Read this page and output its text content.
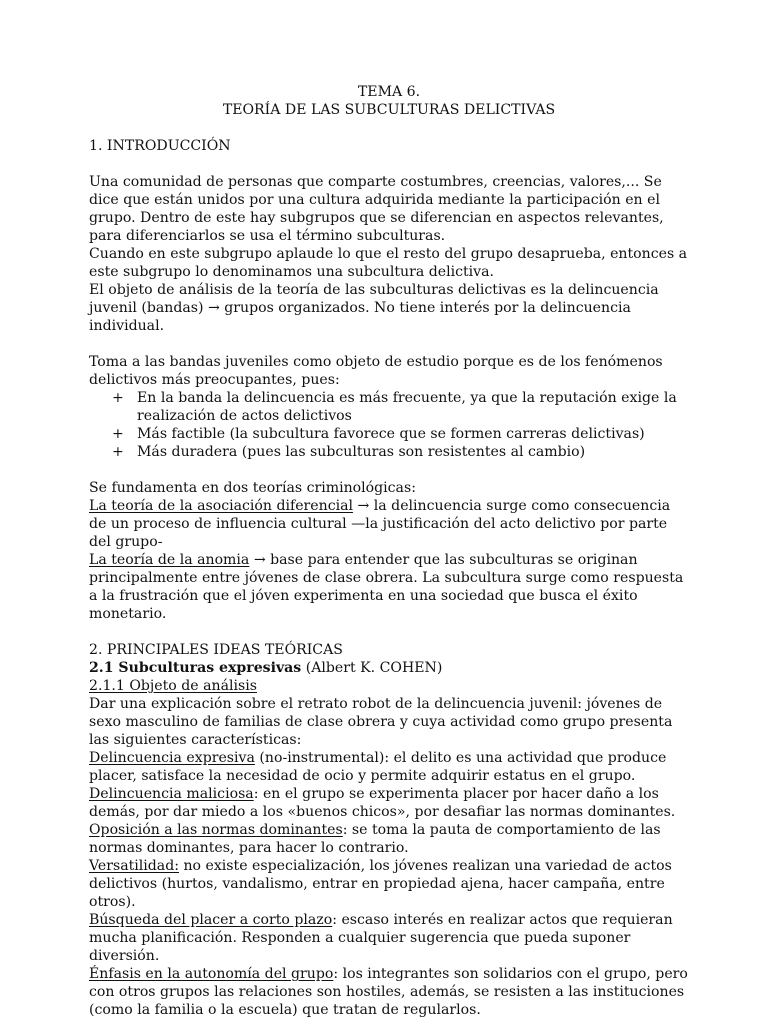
TEMA 6.

TEORÍA DE LAS SUBCULTURAS DELICTIVAS

1. INTRODUCCIÓN

Una comunidad de personas que comparte costumbres, creencias, valores,... Se dice que están unidos por una cultura adquirida mediante la participación en el grupo. Dentro de este hay subgrupos que se diferencian en aspectos relevantes, para diferenciarlos se usa el término subculturas.

Cuando en este subgrupo aplaude lo que el resto del grupo desaprueba, entonces a este subgrupo lo denominamos una subcultura delictiva.

El objeto de análisis de la teoría de las subculturas delictivas es la delincuencia juvenil (bandas) → grupos organizados. No tiene interés por la delincuencia individual.

Toma a las bandas juveniles como objeto de estudio porque es de los fenómenos delictivos más preocupantes, pues:

+ En la banda la delincuencia es más frecuente, ya que la reputación exige la realización de actos delictivos
+ Más factible (la subcultura favorece que se formen carreras delictivas)
+ Más duradera (pues las subculturas son resistentes al cambio)

Se fundamenta en dos teorías criminológicas:

La teoría de la asociación diferencial → la delincuencia surge como consecuencia de un proceso de influencia cultural —la justificación del acto delictivo por parte del grupo-

La teoría de la anomia → base para entender que las subculturas se originan principalmente entre jóvenes de clase obrera. La subcultura surge como respuesta a la frustración que el jóven experimenta en una sociedad que busca el éxito monetario.

2. PRINCIPALES IDEAS TEÓRICAS

2.1 Subculturas expresivas (Albert K. COHEN)

2.1.1 Objeto de análisis

Dar una explicación sobre el retrato robot de la delincuencia juvenil: jóvenes de sexo masculino de familias de clase obrera y cuya actividad como grupo presenta las siguientes características:

Delincuencia expresiva (no-instrumental): el delito es una actividad que produce placer, satisface la necesidad de ocio y permite adquirir estatus en el grupo.

Delincuencia maliciosa: en el grupo se experimenta placer por hacer daño a los demás, por dar miedo a los «buenos chicos», por desafiar las normas dominantes.

Oposición a las normas dominantes: se toma la pauta de comportamiento de las normas dominantes, para hacer lo contrario.

Versatilidad: no existe especialización, los jóvenes realizan una variedad de actos delictivos (hurtos, vandalismo, entrar en propiedad ajena, hacer campaña, entre otros).

Búsqueda del placer a corto plazo: escaso interés en realizar actos que requieran mucha planificación. Responden a cualquier sugerencia que pueda suponer diversión.

Énfasis en la autonomía del grupo: los integrantes son solidarios con el grupo, pero con otros grupos las relaciones son hostiles, además, se resisten a las instituciones (como la familia o la escuela) que tratan de regularlos.
